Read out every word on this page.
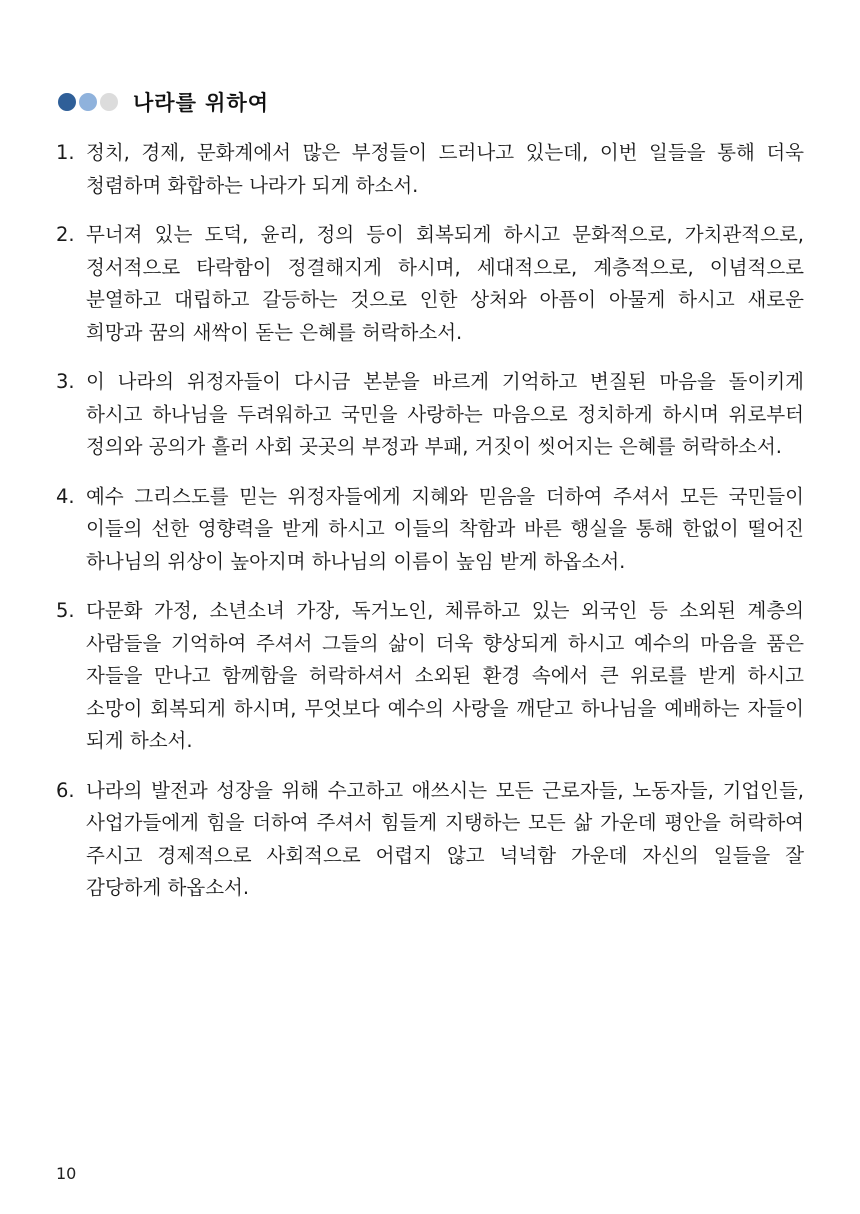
나라를 위하여
1. 정치, 경제, 문화계에서 많은 부정들이 드러나고 있는데, 이번 일들을 통해 더욱 청렴하며 화합하는 나라가 되게 하소서.
2. 무너져 있는 도덕, 윤리, 정의 등이 회복되게 하시고 문화적으로, 가치관적으로, 정서적으로 타락함이 정결해지게 하시며, 세대적으로, 계층적으로, 이념적으로 분열하고 대립하고 갈등하는 것으로 인한 상처와 아픔이 아물게 하시고 새로운 희망과 꿈의 새싹이 돋는 은혜를 허락하소서.
3. 이 나라의 위정자들이 다시금 본분을 바르게 기억하고 변질된 마음을 돌이키게 하시고 하나님을 두려워하고 국민을 사랑하는 마음으로 정치하게 하시며 위로부터 정의와 공의가 흘러 사회 곳곳의 부정과 부패, 거짓이 씻어지는 은혜를 허락하소서.
4. 예수 그리스도를 믿는 위정자들에게 지혜와 믿음을 더하여 주셔서 모든 국민들이 이들의 선한 영향력을 받게 하시고 이들의 착함과 바른 행실을 통해 한없이 떨어진 하나님의 위상이 높아지며 하나님의 이름이 높임 받게 하옵소서.
5. 다문화 가정, 소년소녀 가장, 독거노인, 체류하고 있는 외국인 등 소외된 계층의 사람들을 기억하여 주셔서 그들의 삶이 더욱 향상되게 하시고 예수의 마음을 품은 자들을 만나고 함께함을 허락하셔서 소외된 환경 속에서 큰 위로를 받게 하시고 소망이 회복되게 하시며, 무엇보다 예수의 사랑을 깨닫고 하나님을 예배하는 자들이 되게 하소서.
6. 나라의 발전과 성장을 위해 수고하고 애쓰시는 모든 근로자들, 노동자들, 기업인들, 사업가들에게 힘을 더하여 주셔서 힘들게 지탱하는 모든 삶 가운데 평안을 허락하여 주시고 경제적으로 사회적으로 어렵지 않고 넉넉함 가운데 자신의 일들을 잘 감당하게 하옵소서.
10
